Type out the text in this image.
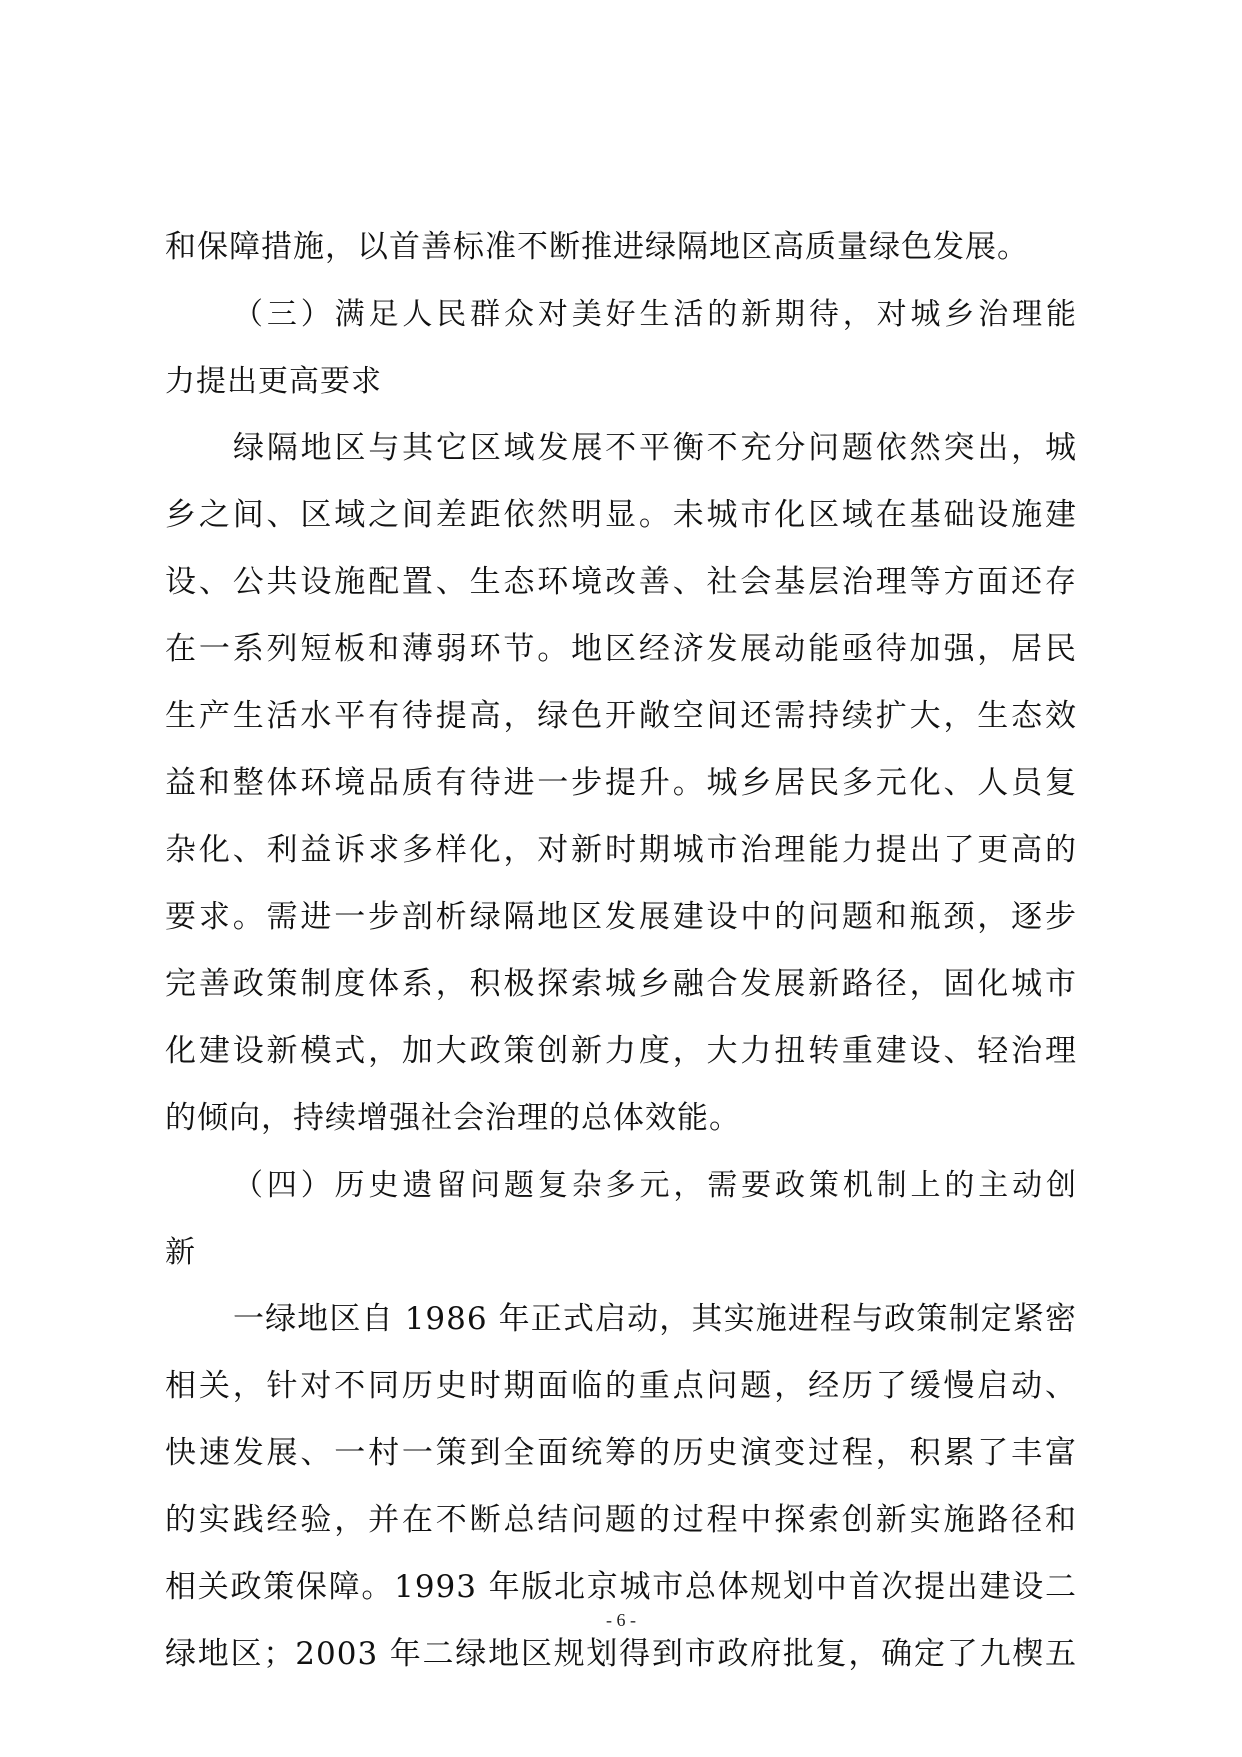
和保障措施，以首善标准不断推进绿隔地区高质量绿色发展。
（三）满足人民群众对美好生活的新期待，对城乡治理能
力提出更高要求
绿隔地区与其它区域发展不平衡不充分问题依然突出，城
乡之间、区域之间差距依然明显。未城市化区域在基础设施建
设、公共设施配置、生态环境改善、社会基层治理等方面还存
在一系列短板和薄弱环节。地区经济发展动能亟待加强，居民
生产生活水平有待提高，绿色开敞空间还需持续扩大，生态效
益和整体环境品质有待进一步提升。城乡居民多元化、人员复
杂化、利益诉求多样化，对新时期城市治理能力提出了更高的
要求。需进一步剖析绿隔地区发展建设中的问题和瓶颈，逐步
完善政策制度体系，积极探索城乡融合发展新路径，固化城市
化建设新模式，加大政策创新力度，大力扭转重建设、轻治理
的倾向，持续增强社会治理的总体效能。
（四）历史遗留问题复杂多元，需要政策机制上的主动创
新
一绿地区自 1986 年正式启动，其实施进程与政策制定紧密
相关，针对不同历史时期面临的重点问题，经历了缓慢启动、
快速发展、一村一策到全面统筹的历史演变过程，积累了丰富
的实践经验，并在不断总结问题的过程中探索创新实施路径和
相关政策保障。1993 年版北京城市总体规划中首次提出建设二
绿地区；2003 年二绿地区规划得到市政府批复，确定了九楔五
- 6 -
